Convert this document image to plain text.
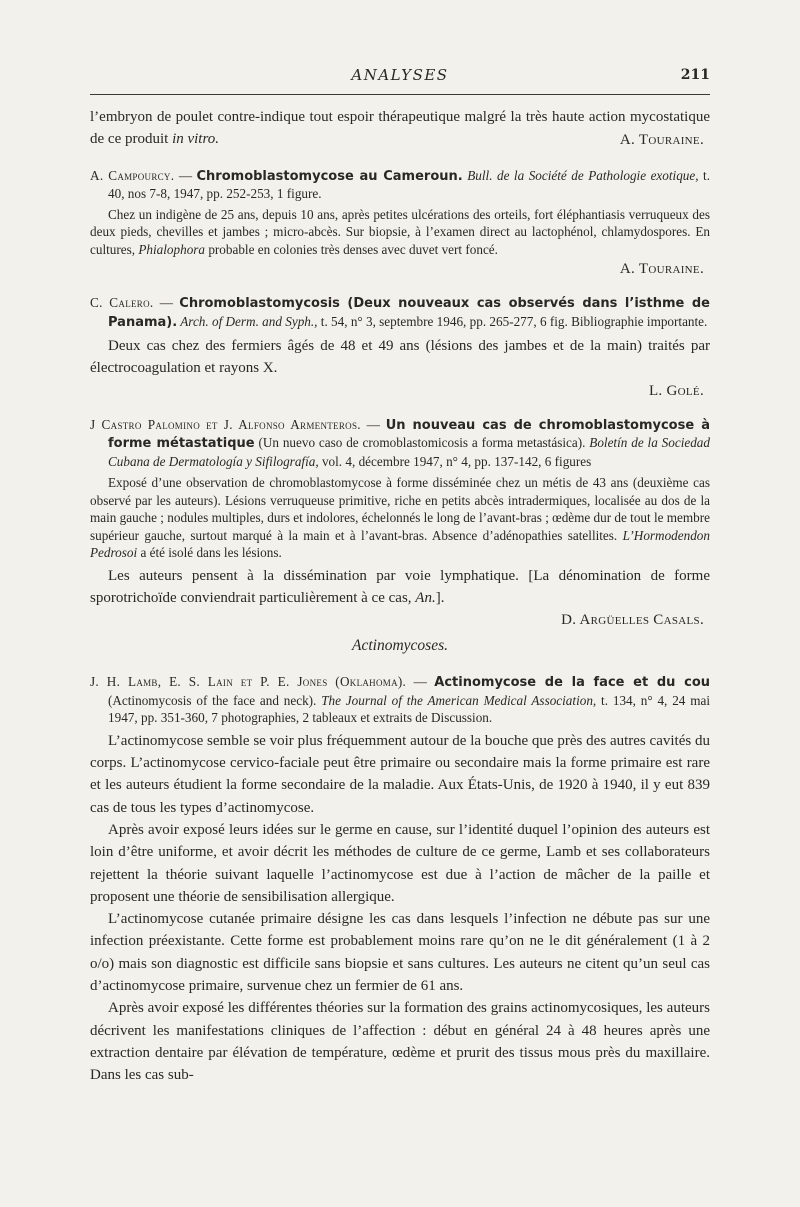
ANALYSES	211

l’embryon de poulet contre-indique tout espoir thérapeutique malgré la très haute action mycostatique de ce produit in vitro.	A. Touraine.

A. Campourcy. — Chromoblastomycose au Cameroun. Bull. de la Société de Pathologie exotique, t. 40, nos 7-8, 1947, pp. 252-253, 1 figure.

Chez un indigène de 25 ans, depuis 10 ans, après petites ulcérations des orteils, fort éléphantiasis verruqueux des deux pieds, chevilles et jambes ; micro-abcès. Sur biopsie, à l’examen direct au lactophénol, chlamydospores. En cultures, Phialophora probable en colonies très denses avec duvet vert foncé.

A. Touraine.

C. Calero. — Chromoblastomycosis (Deux nouveaux cas observés dans l’isthme de Panama). Arch. of Derm. and Syph., t. 54, n° 3, septembre 1946, pp. 265-277, 6 fig. Bibliographie importante.

Deux cas chez des fermiers âgés de 48 et 49 ans (lésions des jambes et de la main) traités par électrocoagulation et rayons X.

L. Golé.

J Castro Palomino et J. Alfonso Armenteros. — Un nouveau cas de chromoblastomycose à forme métastatique (Un nuevo caso de cromoblastomicosis a forma metastásica). Boletín de la Sociedad Cubana de Dermatología y Sifilografía, vol. 4, décembre 1947, n° 4, pp. 137-142, 6 figures

Exposé d’une observation de chromoblastomycose à forme disséminée chez un métis de 43 ans (deuxième cas observé par les auteurs). Lésions verruqueuse primitive, riche en petits abcès intradermiques, localisée au dos de la main gauche ; nodules multiples, durs et indolores, échelonnés le long de l’avant-bras ; œdème dur de tout le membre supérieur gauche, surtout marqué à la main et à l’avant-bras. Absence d’adénopathies satellites. L’Hormodendon Pedrosoi a été isolé dans les lésions.

Les auteurs pensent à la dissémination par voie lymphatique. [La dénomination de forme sporotrichoïde conviendrait particulièrement à ce cas, An.].

D. Argüelles Casals.

Actinomycoses.

J. H. Lamb, E. S. Lain et P. E. Jones (Oklahoma). — Actinomycose de la face et du cou (Actinomycosis of the face and neck). The Journal of the American Medical Association, t. 134, n° 4, 24 mai 1947, pp. 351-360, 7 photographies, 2 tableaux et extraits de Discussion.

L’actinomycose semble se voir plus fréquemment autour de la bouche que près des autres cavités du corps. L’actinomycose cervico-faciale peut être primaire ou secondaire mais la forme primaire est rare et les auteurs étudient la forme secondaire de la maladie. Aux États-Unis, de 1920 à 1940, il y eut 839 cas de tous les types d’actinomycose.

Après avoir exposé leurs idées sur le germe en cause, sur l’identité duquel l’opinion des auteurs est loin d’être uniforme, et avoir décrit les méthodes de culture de ce germe, Lamb et ses collaborateurs rejettent la théorie suivant laquelle l’actinomycose est due à l’action de mâcher de la paille et proposent une théorie de sensibilisation allergique.

L’actinomycose cutanée primaire désigne les cas dans lesquels l’infection ne débute pas sur une infection préexistante. Cette forme est probablement moins rare qu’on ne le dit généralement (1 à 2 o/o) mais son diagnostic est difficile sans biopsie et sans cultures. Les auteurs ne citent qu’un seul cas d’actinomycose primaire, survenue chez un fermier de 61 ans.

Après avoir exposé les différentes théories sur la formation des grains actinomycosiques, les auteurs décrivent les manifestations cliniques de l’affection : début en général 24 à 48 heures après une extraction dentaire par élévation de température, œdème et prurit des tissus mous près du maxillaire. Dans les cas sub-
